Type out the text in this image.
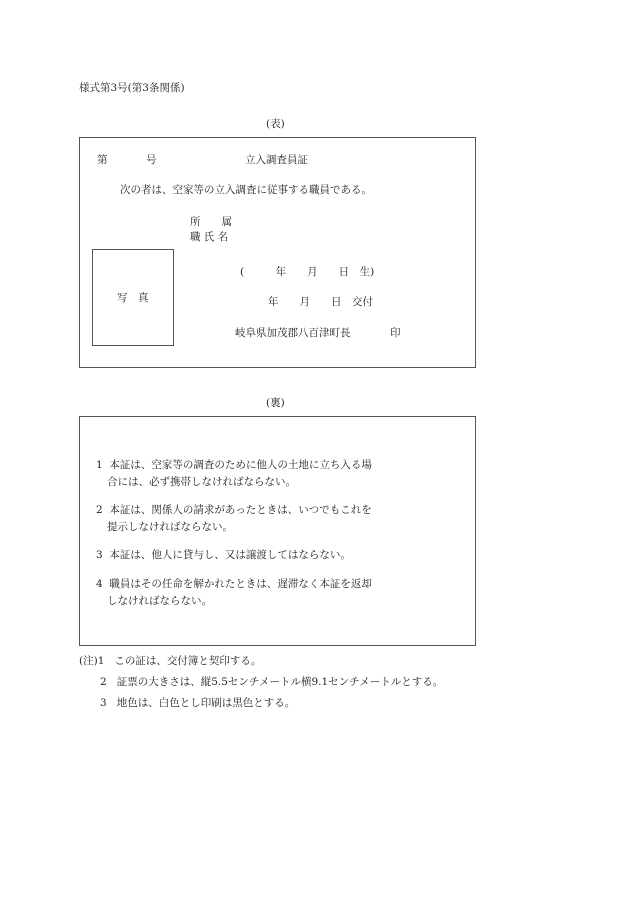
様式第3号(第3条関係)
(表)
第	号	立入調査員証
次の者は、空家等の立入調査に従事する職員である。
所　　属
職 氏 名
写　真
(　　　年　　月　　日　生)
年　　月　　日　交付
岐阜県加茂郡八百津町長	印
(裏)
1 本証は、空家等の調査のために他人の土地に立ち入る場
合には、必ず携帯しなければならない。
2 本証は、関係人の請求があったときは、いつでもこれを
提示しなければならない。
3 本証は、他人に貸与し、又は譲渡してはならない。
4 職員はその任命を解かれたときは、遅滞なく本証を返却
しなければならない。
(注)1 この証は、交付簿と契印する。
2 証票の大きさは、縦5.5センチメートル横9.1センチメートルとする。
3 地色は、白色とし印刷は黒色とする。
